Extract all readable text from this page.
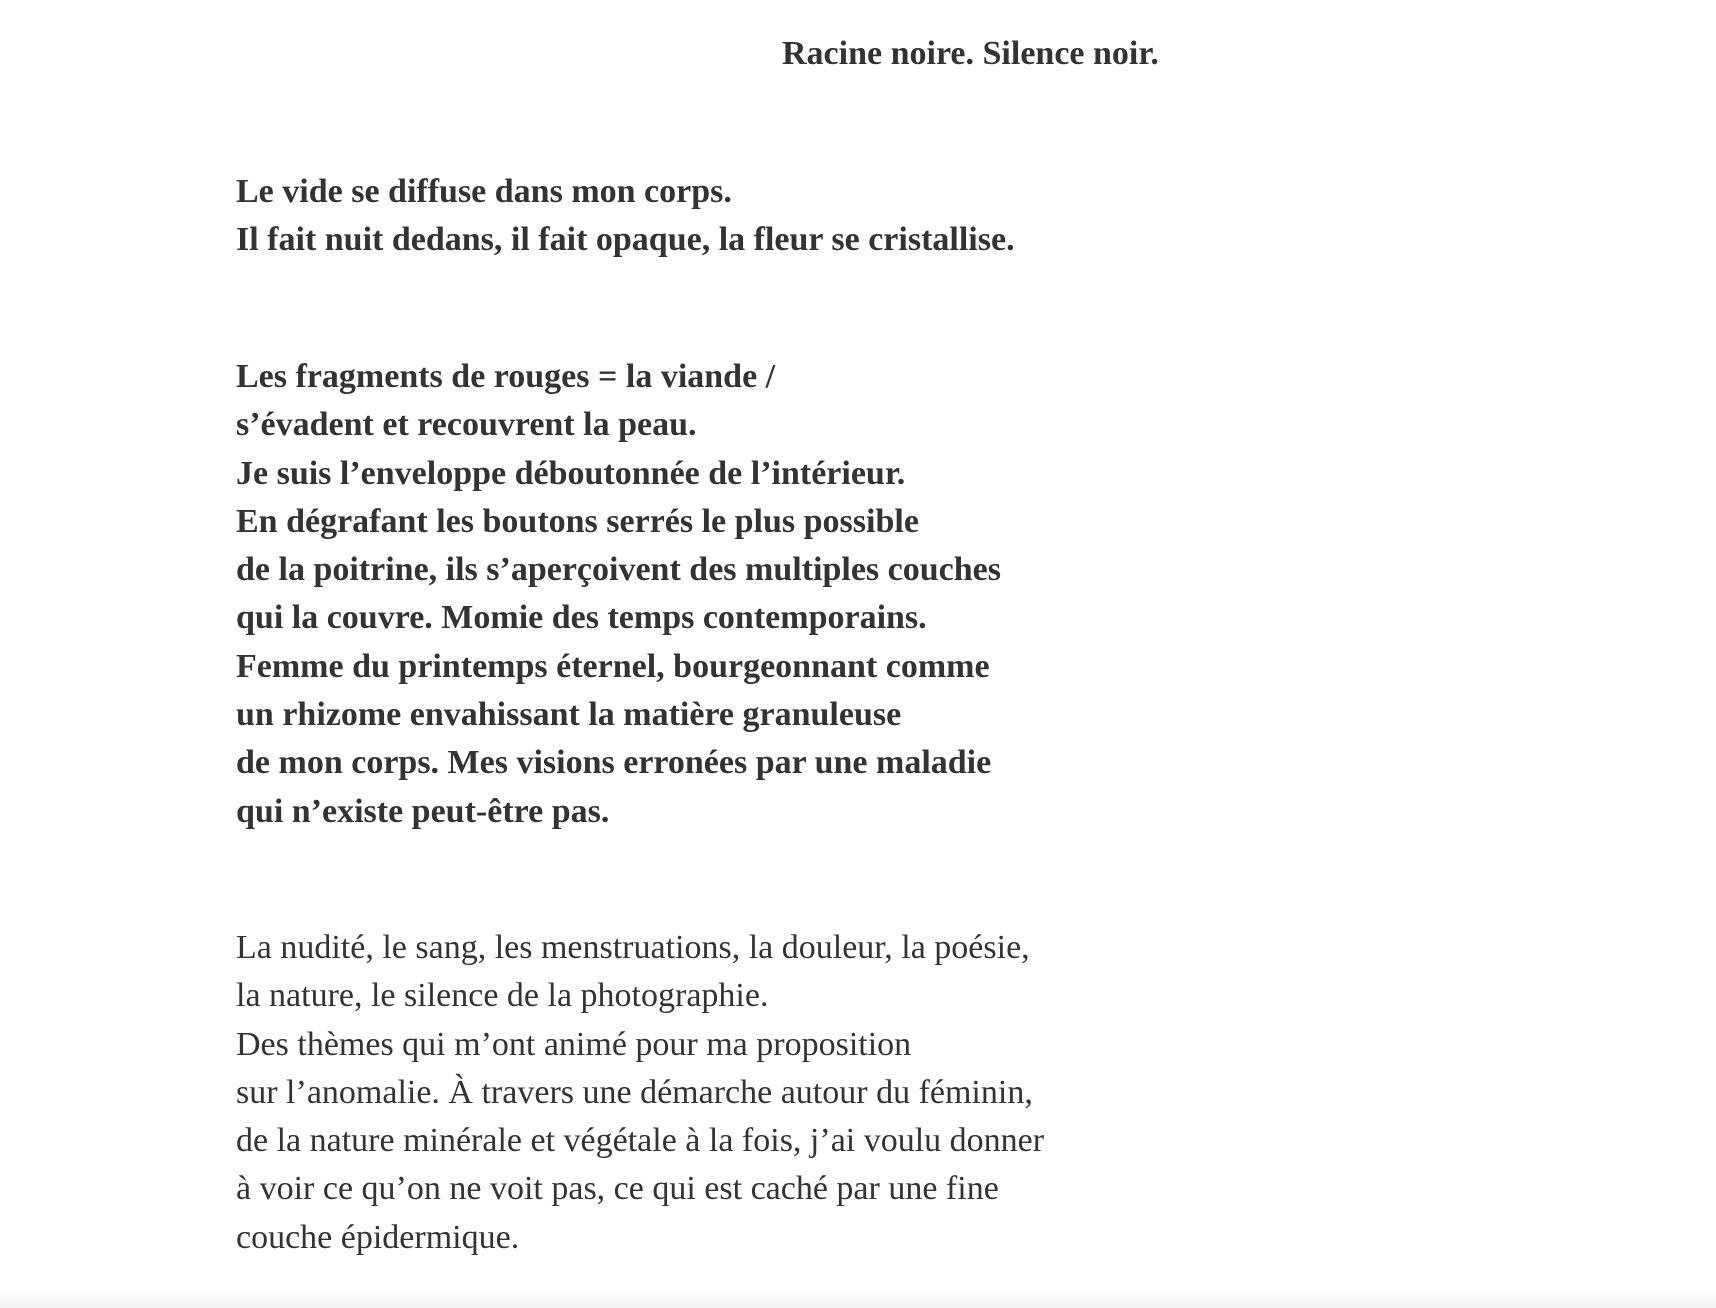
Racine noire. Silence noir.

Le vide se diffuse dans mon corps.
Il fait nuit dedans, il fait opaque, la fleur se cristallise.

Les fragments de rouges = la viande /
s’évadent et recouvrent la peau.
Je suis l’enveloppe déboutonnée de l’intérieur.
En dégrafant les boutons serrés le plus possible
de la poitrine, ils s’aperçoivent des multiples couches
qui la couvre. Momie des temps contemporains.
Femme du printemps éternel, bourgeonnant comme
un rhizome envahissant la matière granuleuse
de mon corps. Mes visions erronées par une maladie
qui n’existe peut-être pas.

La nudité, le sang, les menstruations, la douleur, la poésie,
la nature, le silence de la photographie.
Des thèmes qui m’ont animé pour ma proposition
sur l’anomalie. À travers une démarche autour du féminin,
de la nature minérale et végétale à la fois, j’ai voulu donner
à voir ce qu’on ne voit pas, ce qui est caché par une fine
couche épidermique.
